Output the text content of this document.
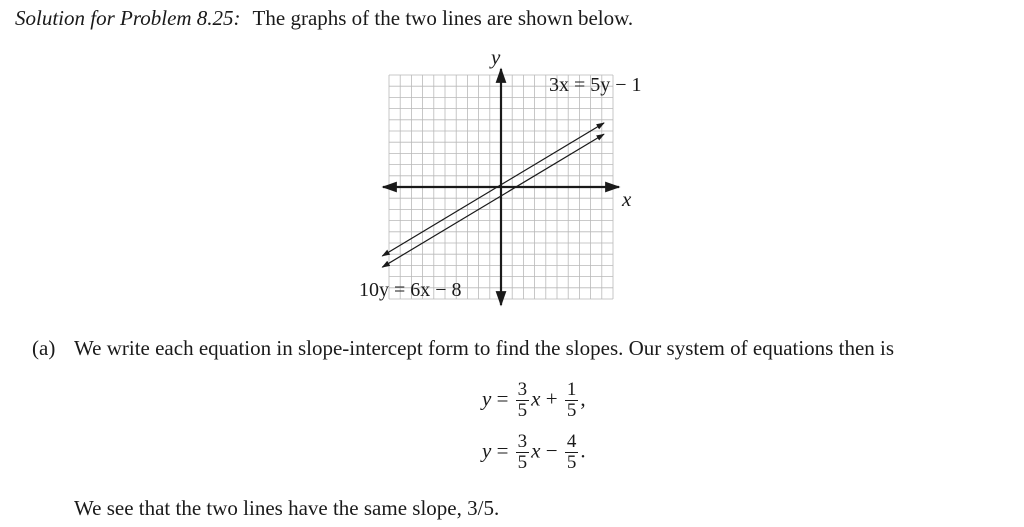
Solution for Problem 8.25: The graphs of the two lines are shown below.
y
x
3x = 5y − 1
10y = 6x − 8
(a) We write each equation in slope-intercept form to find the slopes. Our system of equations then is
$y = \frac{3}{5}$ $x + \frac{1}{5}$ ,
$y = \frac{3}{5}$ $x - \frac{4}{5}$ .
We see that the two lines have the same slope, 3/5.
